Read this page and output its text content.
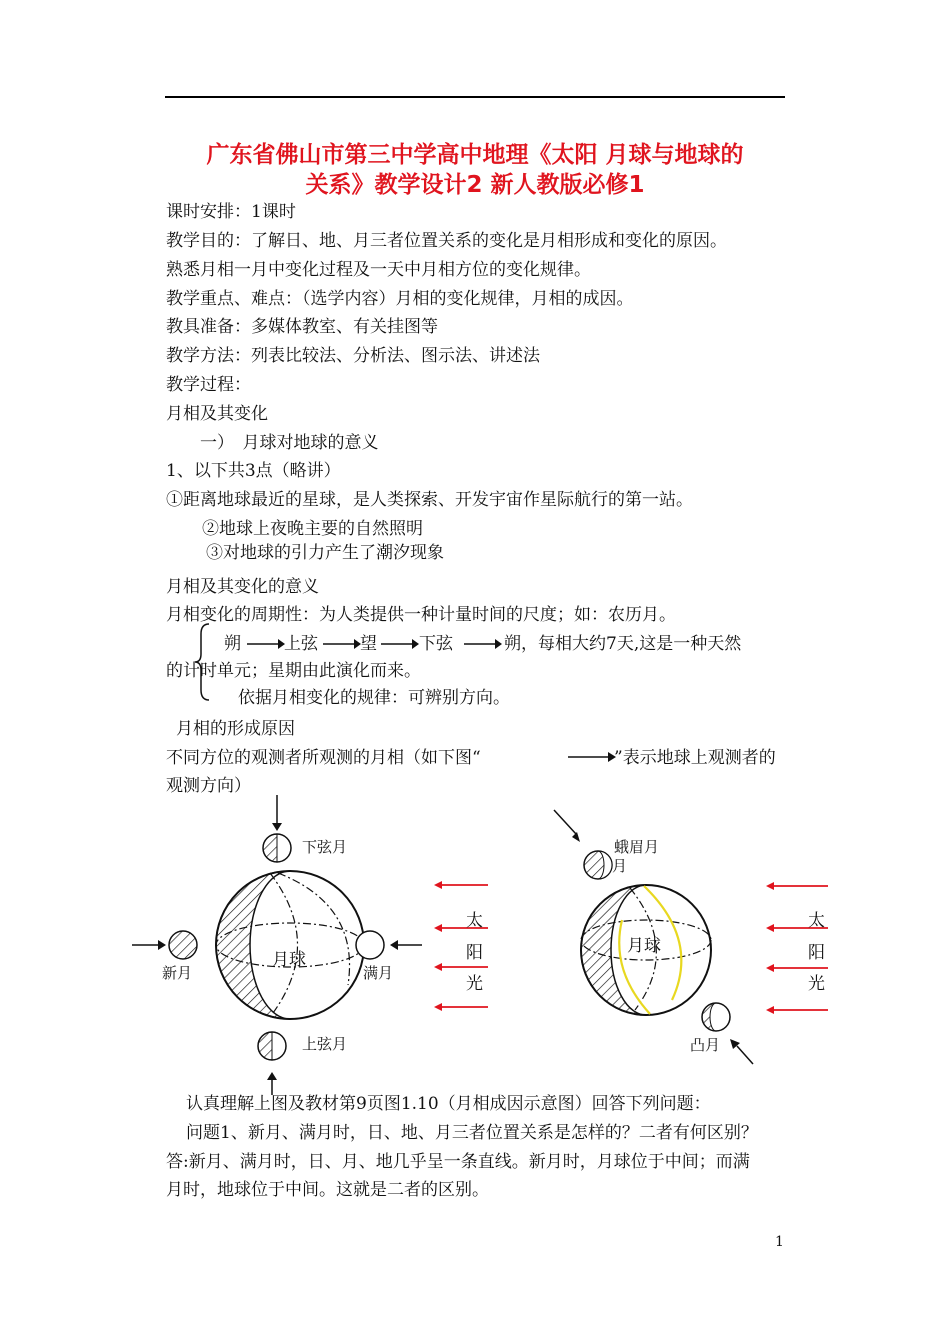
广东省佛山市第三中学高中地理《太阳 月球与地球的
关系》教学设计2 新人教版必修1
课时安排：1课时
教学目的：了解日、地、月三者位置关系的变化是月相形成和变化的原因。
熟悉月相一月中变化过程及一天中月相方位的变化规律。
教学重点、难点：（选学内容）月相的变化规律，月相的成因。
教具准备：多媒体教室、有关挂图等
教学方法：列表比较法、分析法、图示法、讲述法
教学过程：
月相及其变化
一）　月球对地球的意义
1、以下共3点（略讲）
①距离地球最近的星球，是人类探索、开发宇宙作星际航行的第一站。
②地球上夜晚主要的自然照明
③对地球的引力产生了潮汐现象
月相及其变化的意义
月相变化的周期性：为人类提供一种计量时间的尺度；如：农历月。
朔	上弦 望 下弦	朔 ，每相大约7天,这是一种天然
的计时单元；星期由此演化而来。
依据月相变化的规律：可辨别方向。
月相的形成原因
不同方位的观测者所观测的月相（如下图“	”表示地球上观测者的
观测方向）
下弦月
新月	满月
上弦月
月球
太
阳
光
蛾眉月
月
凸月
月球
太
阳
光
认真理解上图及教材第9页图1.10（月相成因示意图）回答下列问题：
问题1、新月、满月时，日、地、月三者位置关系是怎样的？二者有何区别？
答:新月、满月时，日、月、地几乎呈一条直线。新月时，月球位于中间；而满
月时，地球位于中间。这就是二者的区别。
1
